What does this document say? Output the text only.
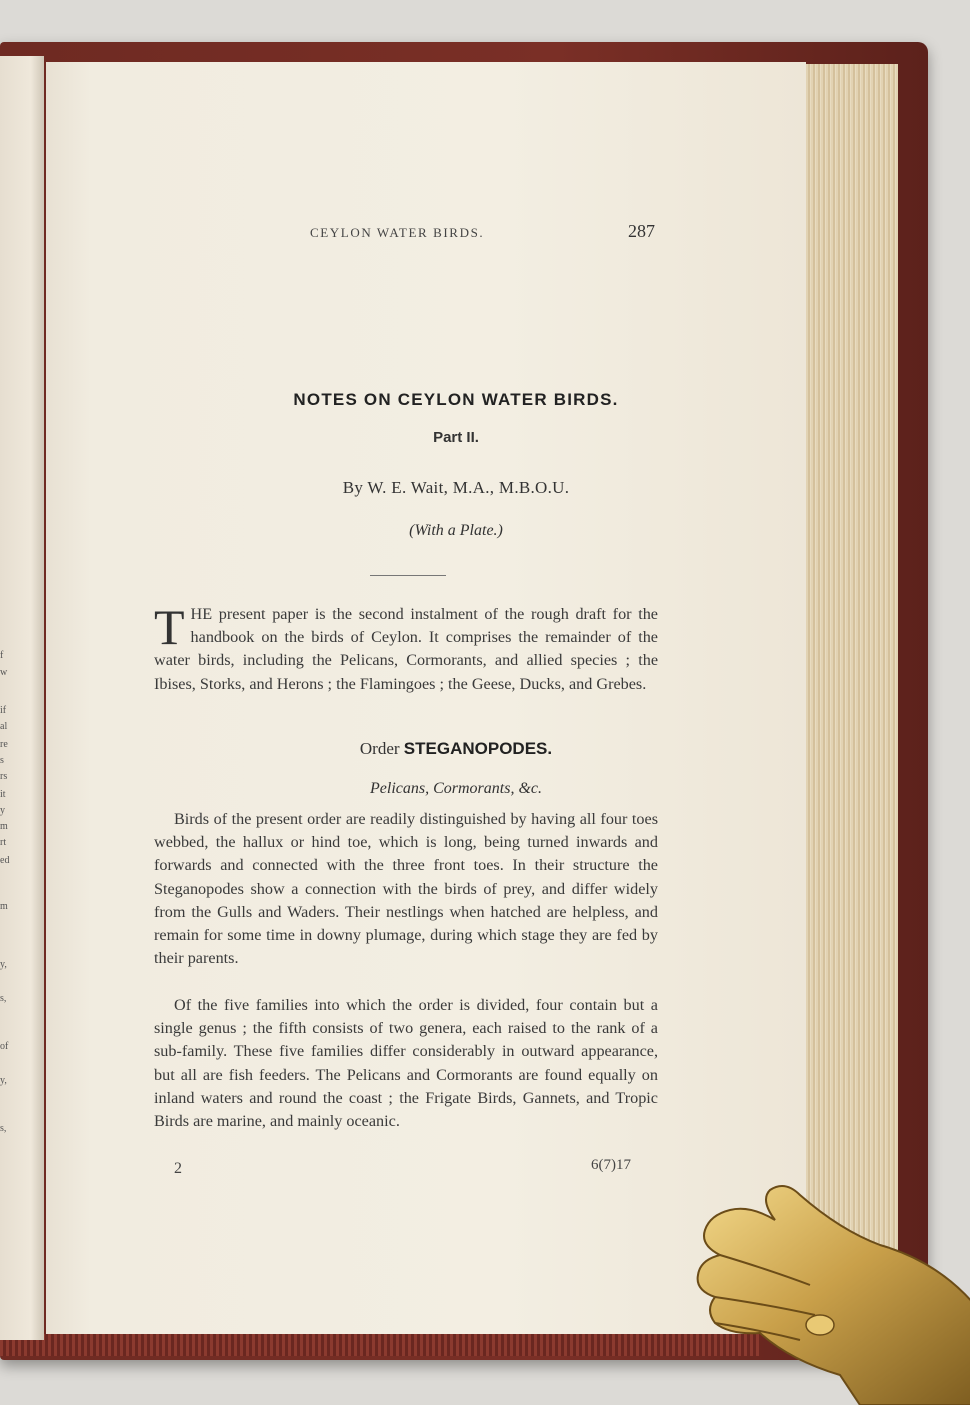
f
w
if
al
re
s
rs
it
y
m
rt
ed
m
y,
s,
of
y,
s,
CEYLON WATER BIRDS.	287
NOTES ON CEYLON WATER BIRDS.
Part II.
By W. E. Wait, M.A., M.B.O.U.
(With a Plate.)

THE present paper is the second instalment of the rough draft for the handbook on the birds of Ceylon. It comprises the remainder of the water birds, including the Pelicans, Cormorants, and allied species ; the Ibises, Storks, and Herons ; the Flamingoes ; the Geese, Ducks, and Grebes.

Order STEGANOPODES.
Pelicans, Cormorants, &c.

Birds of the present order are readily distinguished by having all four toes webbed, the hallux or hind toe, which is long, being turned inwards and forwards and connected with the three front toes. In their structure the Steganopodes show a connection with the birds of prey, and differ widely from the Gulls and Waders. Their nestlings when hatched are helpless, and remain for some time in downy plumage, during which stage they are fed by their parents.

Of the five families into which the order is divided, four contain but a single genus ; the fifth consists of two genera, each raised to the rank of a sub-family. These five families differ considerably in outward appearance, but all are fish feeders. The Pelicans and Cormorants are found equally on inland waters and round the coast ; the Frigate Birds, Gannets, and Tropic Birds are marine, and mainly oceanic.

2	6(7)17
